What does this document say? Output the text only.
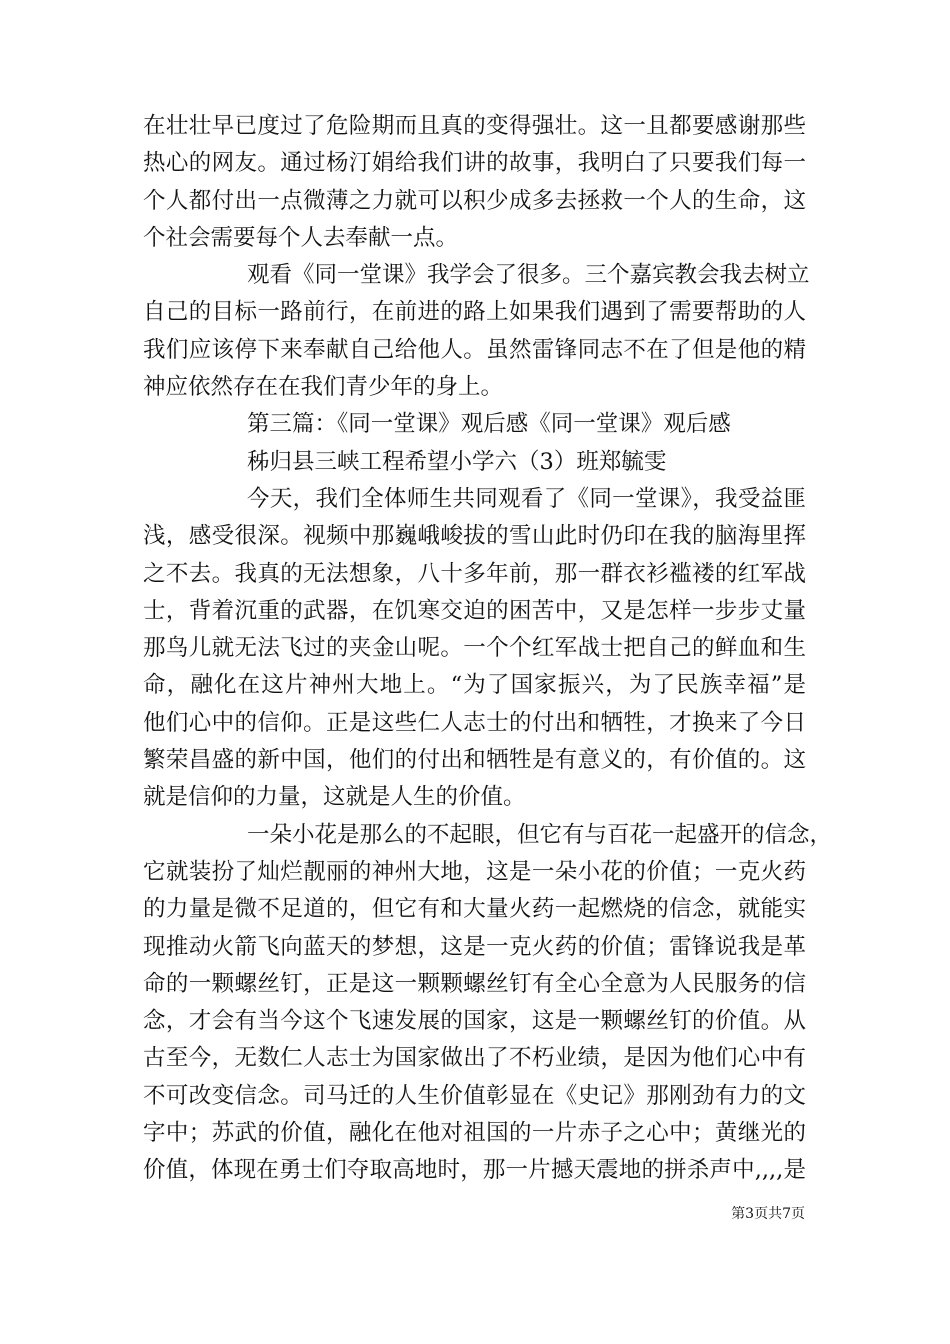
在壮壮早已度过了危险期而且真的变得强壮。这一且都要感谢那些
热心的网友。通过杨汀娟给我们讲的故事，我明白了只要我们每一
个人都付出一点微薄之力就可以积少成多去拯救一个人的生命，这
个社会需要每个人去奉献一点。
观看《同一堂课》我学会了很多。三个嘉宾教会我去树立
自己的目标一路前行，在前进的路上如果我们遇到了需要帮助的人
我们应该停下来奉献自己给他人。虽然雷锋同志不在了但是他的精
神应依然存在在我们青少年的身上。
第三篇：《同一堂课》观后感《同一堂课》观后感
秭归县三峡工程希望小学六（3）班郑毓雯
今天，我们全体师生共同观看了《同一堂课》，我受益匪
浅，感受很深。视频中那巍峨峻拔的雪山此时仍印在我的脑海里挥
之不去。我真的无法想象，八十多年前，那一群衣衫褴褛的红军战
士，背着沉重的武器，在饥寒交迫的困苦中，又是怎样一步步丈量
那鸟儿就无法飞过的夹金山呢。一个个红军战士把自己的鲜血和生
命，融化在这片神州大地上。“为了国家振兴，为了民族幸福”是
他们心中的信仰。正是这些仁人志士的付出和牺牲，才换来了今日
繁荣昌盛的新中国，他们的付出和牺牲是有意义的，有价值的。这
就是信仰的力量，这就是人生的价值。
一朵小花是那么的不起眼，但它有与百花一起盛开的信念，
它就装扮了灿烂靓丽的神州大地，这是一朵小花的价值；一克火药
的力量是微不足道的，但它有和大量火药一起燃烧的信念，就能实
现推动火箭飞向蓝天的梦想，这是一克火药的价值；雷锋说我是革
命的一颗螺丝钉，正是这一颗颗螺丝钉有全心全意为人民服务的信
念，才会有当今这个飞速发展的国家，这是一颗螺丝钉的价值。从
古至今，无数仁人志士为国家做出了不朽业绩，是因为他们心中有
不可改变信念。司马迁的人生价值彰显在《史记》那刚劲有力的文
字中；苏武的价值，融化在他对祖国的一片赤子之心中；黄继光的
价值，体现在勇士们夺取高地时，那一片撼天震地的拼杀声中,,,,是
第3页共7页
